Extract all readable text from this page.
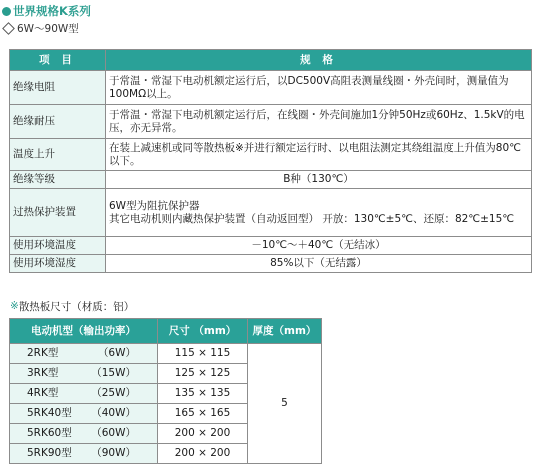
世界规格K系列
6W～90W型
项 目	规 格
绝缘电阻	于常温・常湿下电动机额定运行后，以DC500V高阻表测量线圈・外壳间时，测量值为100MΩ以上。
绝缘耐压	于常温・常湿下电动机额定运行后，在线圈・外壳间施加1分钟50Hz或60Hz、1.5kV的电压，亦无异常。
温度上升	在装上减速机或同等散热板※并进行额定运行时、以电阻法测定其绕组温度上升值为80℃以下。
绝缘等级	B种（130℃）
过热保护装置	6W型为阻抗保护器
其它电动机则内藏热保护装置（自动返回型） 开放：130℃±5℃、还原：82℃±15℃
使用环境温度	－10℃～＋40℃（无结冰）
使用环境湿度	85%以下（无结露）
※ 散热板尺寸（材质：铝）
电动机型（输出功率）	尺寸 （mm）	厚度（mm）

2RK型 （6W）	115 × 115	5

3RK型 （15W）	125 × 125	

4RK型 （25W）	135 × 135	

5RK40型 （40W）	165 × 165	

5RK60型 （60W）	200 × 200	

5RK90型 （90W）	200 × 200	
